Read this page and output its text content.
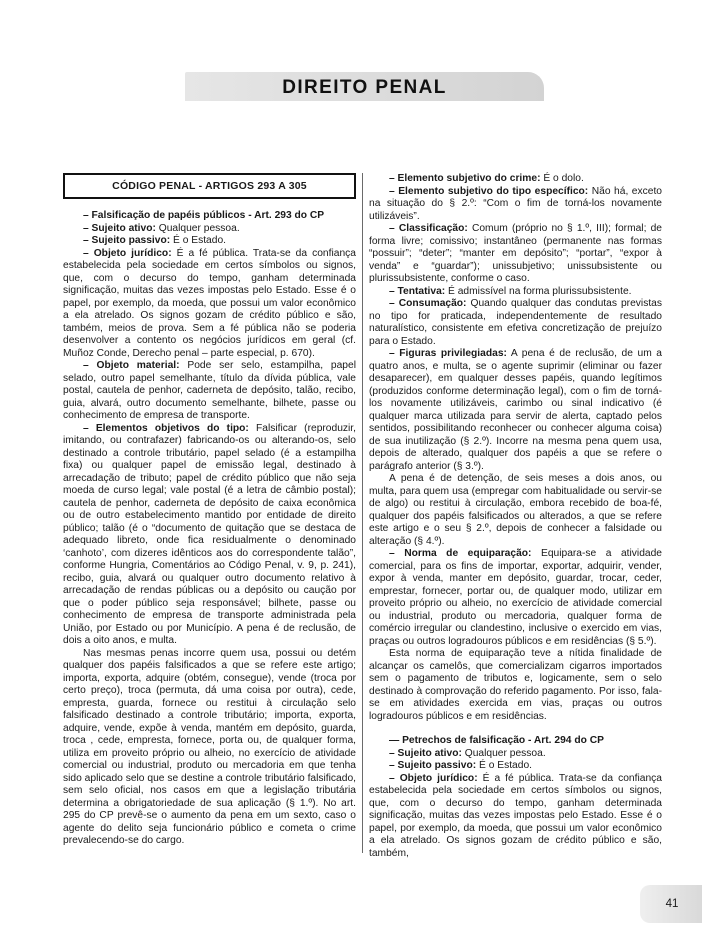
DIREITO PENAL
CÓDIGO PENAL - ARTIGOS 293 A 305

– Falsificação de papéis públicos - Art. 293 do CP

– Sujeito ativo: Qualquer pessoa.

– Sujeito passivo: É o Estado.

– Objeto jurídico: É a fé pública. Trata-se da confiança estabelecida pela sociedade em certos símbolos ou signos, que, com o decurso do tempo, ganham determinada significação, muitas das vezes impostas pelo Estado. Esse é o papel, por exemplo, da moeda, que possui um valor econômico a ela atrelado. Os signos gozam de crédito público e são, também, meios de prova. Sem a fé pública não se poderia desenvolver a contento os negócios jurídicos em geral (cf. Muñoz Conde, Derecho penal – parte especial, p. 670).

– Objeto material: Pode ser selo, estampilha, papel selado, outro papel semelhante, título da dívida pública, vale postal, cautela de penhor, caderneta de depósito, talão, recibo, guia, alvará, outro documento semelhante, bilhete, passe ou conhecimento de empresa de transporte.

– Elementos objetivos do tipo: Falsificar (reproduzir, imitando, ou contrafazer) fabricando-os ou alterando-os, selo destinado a controle tributário, papel selado (é a estampilha fixa) ou qualquer papel de emissão legal, destinado à arrecadação de tributo; papel de crédito público que não seja moeda de curso legal; vale postal (é a letra de câmbio postal); cautela de penhor, caderneta de depósito de caixa econômica ou de outro estabelecimento mantido por entidade de direito público; talão (é o “documento de quitação que se destaca de adequado libreto, onde fica residualmente o denominado ‘canhoto’, com dizeres idênticos aos do correspondente talão”, conforme Hungria, Comentários ao Código Penal, v. 9, p. 241), recibo, guia, alvará ou qualquer outro documento relativo à arrecadação de rendas públicas ou a depósito ou caução por que o poder público seja responsável; bilhete, passe ou conhecimento de empresa de transporte administrada pela União, por Estado ou por Município. A pena é de reclusão, de dois a oito anos, e multa.

Nas mesmas penas incorre quem usa, possui ou detém qualquer dos papéis falsificados a que se refere este artigo; importa, exporta, adquire (obtém, consegue), vende (troca por certo preço), troca (permuta, dá uma coisa por outra), cede, empresta, guarda, fornece ou restitui à circulação selo falsificado destinado a controle tributário; importa, exporta, adquire, vende, expõe à venda, mantém em depósito, guarda, troca , cede, empresta, fornece, porta ou, de qualquer forma, utiliza em proveito próprio ou alheio, no exercício de atividade comercial ou industrial, produto ou mercadoria em que tenha sido aplicado selo que se destine a controle tributário falsificado, sem selo oficial, nos casos em que a legislação tributária determina a obrigatoriedade de sua aplicação (§ 1.º). No art. 295 do CP prevê-se o aumento da pena em um sexto, caso o agente do delito seja funcionário público e cometa o crime prevalecendo-se do cargo.

– Elemento subjetivo do crime: É o dolo.

– Elemento subjetivo do tipo específico: Não há, exceto na situação do § 2.º: “Com o fim de torná-los novamente utilizáveis”.

– Classificação: Comum (próprio no § 1.º, III); formal; de forma livre; comissivo; instantâneo (permanente nas formas “possuir”; “deter”; “manter em depósito”; “portar”, “expor à venda” e “guardar”); unissubjetivo; unissubsistente ou plurissubsistente, conforme o caso.

– Tentativa: É admissível na forma plurissubsistente.

– Consumação: Quando qualquer das condutas previstas no tipo for praticada, independentemente de resultado naturalístico, consistente em efetiva concretização de prejuízo para o Estado.

– Figuras privilegiadas: A pena é de reclusão, de um a quatro anos, e multa, se o agente suprimir (eliminar ou fazer desaparecer), em qualquer desses papéis, quando legítimos (produzidos conforme determinação legal), com o fim de torná-los novamente utilizáveis, carimbo ou sinal indicativo (é qualquer marca utilizada para servir de alerta, captado pelos sentidos, possibilitando reconhecer ou conhecer alguma coisa) de sua inutilização (§ 2.º). Incorre na mesma pena quem usa, depois de alterado, qualquer dos papéis a que se refere o parágrafo anterior (§ 3.º).

A pena é de detenção, de seis meses a dois anos, ou multa, para quem usa (empregar com habitualidade ou servir-se de algo) ou restitui à circulação, embora recebido de boa-fé, qualquer dos papéis falsificados ou alterados, a que se refere este artigo e o seu § 2.º, depois de conhecer a falsidade ou alteração (§ 4.º).

– Norma de equiparação: Equipara-se a atividade comercial, para os fins de importar, exportar, adquirir, vender, expor à venda, manter em depósito, guardar, trocar, ceder, emprestar, fornecer, portar ou, de qualquer modo, utilizar em proveito próprio ou alheio, no exercício de atividade comercial ou industrial, produto ou mercadoria, qualquer forma de comércio irregular ou clandestino, inclusive o exercido em vias, praças ou outros logradouros públicos e em residências (§ 5.º).

Esta norma de equiparação teve a nítida finalidade de alcançar os camelôs, que comercializam cigarros importados sem o pagamento de tributos e, logicamente, sem o selo destinado à comprovação do referido pagamento. Por isso, fala-se em atividades exercida em vias, praças ou outros logradouros públicos e em residências.

— Petrechos de falsificação - Art. 294 do CP

– Sujeito ativo: Qualquer pessoa.

– Sujeito passivo: É o Estado.

– Objeto jurídico: É a fé pública. Trata-se da confiança estabelecida pela sociedade em certos símbolos ou signos, que, com o decurso do tempo, ganham determinada significação, muitas das vezes impostas pelo Estado. Esse é o papel, por exemplo, da moeda, que possui um valor econômico a ela atrelado. Os signos gozam de crédito público e são, também,

41
